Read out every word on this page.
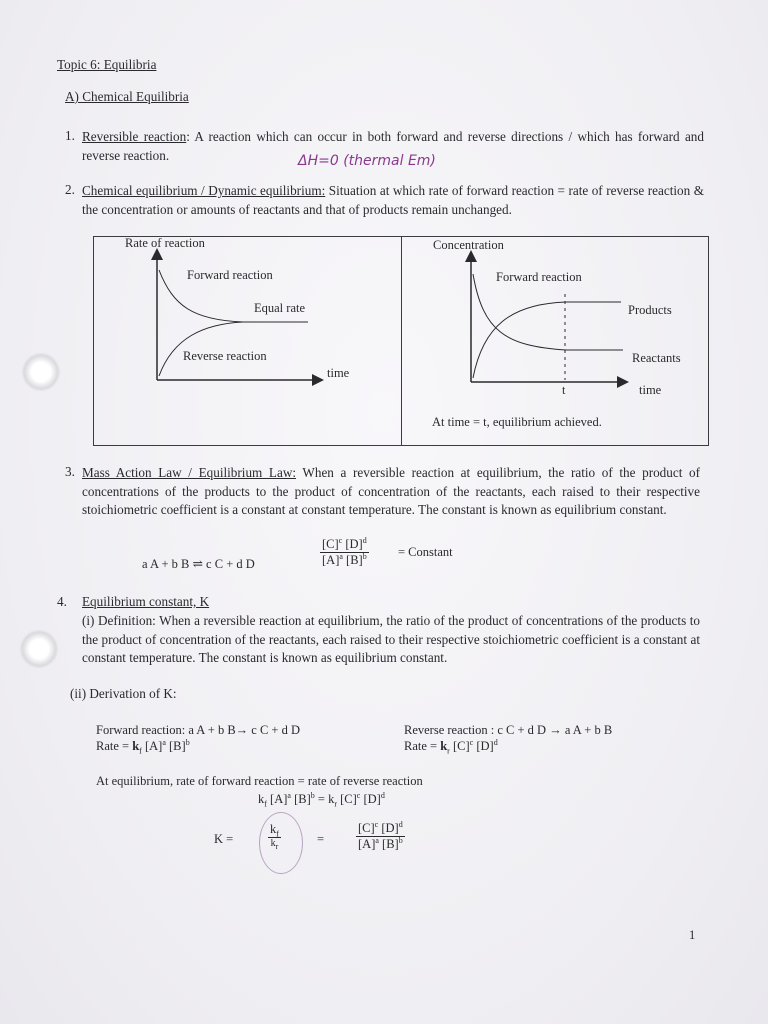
Topic 6: Equilibria
A) Chemical Equilibria
1. Reversible reaction: A reaction which can occur in both forward and reverse directions / which has forward and reverse reaction.	ΔH=0 (thermal Em)
2. Chemical equilibrium / Dynamic equilibrium: Situation at which rate of forward reaction = rate of reverse reaction & the concentration or amounts of reactants and that of products remain unchanged.
Rate of reaction
Forward reaction
Equal rate
Reverse reaction
time
Concentration
Forward reaction
Products
Reactants
t	time
At time = t, equilibrium achieved.
3. Mass Action Law / Equilibrium Law: When a reversible reaction at equilibrium, the ratio of the product of concentrations of the products to the product of concentration of the reactants, each raised to their respective stoichiometric coefficient is a constant at constant temperature. The constant is known as equilibrium constant.
a A + b B ⇌ c C + d D	$\frac{[C]^c [D]^d}{[A]^a [B]^b}$ = Constant
4. Equilibrium constant, K
(i) Definition: When a reversible reaction at equilibrium, the ratio of the product of concentrations of the products to the product of concentration of the reactants, each raised to their respective stoichiometric coefficient is a constant at constant temperature. The constant is known as equilibrium constant.
(ii) Derivation of K:
Forward reaction: a A + b B→ c C + d D
Rate = $k_f$ $[A]^a$ $[B]^b$
Reverse reaction : c C + d D → a A + b B
Rate = $k_r$ $[C]^c$ $[D]^d$
At equilibrium, rate of forward reaction = rate of reverse reaction
$k_f$ $[A]^a$ $[B]^b = k_r$ $[C]^c$ $[D]^d$
K =
$k_f$
$k_r$
=	$\frac{[C]^c [D]^d}{[A]^a [B]^b}$
1
